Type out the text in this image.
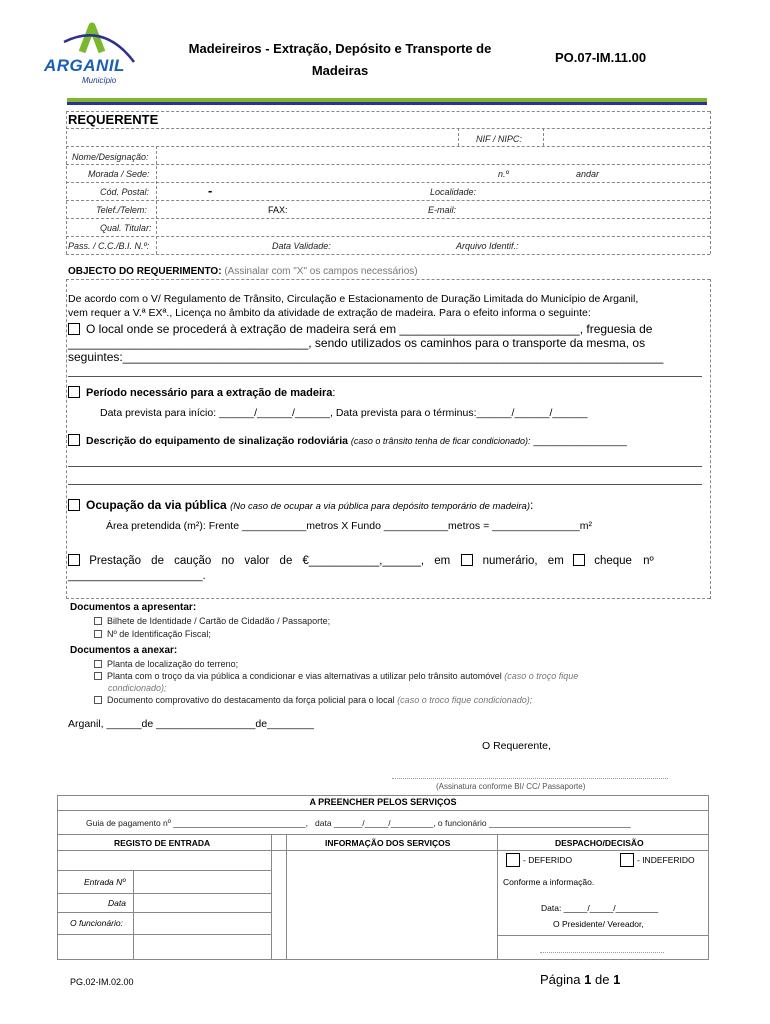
ARGANIL
Município
Madeireiros - Extração, Depósito e Transporte de
Madeiras
PO.07-IM.11.00
REQUERENTE
NIF / NIPC:
Nome/Designação:
Morada / Sede:	n.º	andar
Cód. Postal:	-	Localidade:
Telef./Telem:	FAX:	E-mail:
Qual. Titular:
Pass. / C.C./B.I. N.º:	Data Validade:	Arquivo Identif.:
OBJECTO DO REQUERIMENTO: (Assinalar com "X" os campos necessários)
De acordo com o V/ Regulamento de Trânsito, Circulação e Estacionamento de Duração Limitada do Município de Arganil,
vem requer a V.ª EXª., Licença no âmbito da atividade de extração de madeira. Para o efeito informa o seguinte:
O local onde se procederá à extração de madeira será em ___________________________, freguesia de
____________________________________, sendo utilizados os caminhos para o transporte da mesma, os
seguintes:_________________________________________________________________________________
Período necessário para a extração de madeira:
Data prevista para início: ______/______/______, Data prevista para o términus:______/______/______
Descrição do equipamento de sinalização rodoviária (caso o trânsito tenha de ficar condicionado): ________________
Ocupação da via pública (No caso de ocupar a via pública para depósito temporário de madeira):
Área pretendida (m²): Frente ___________metros X Fundo ___________metros = _______________m²
Prestação de caução no valor de €___________,______, em	numerário, em	cheque nº
______________________.
Documentos a apresentar:
Bilhete de Identidade / Cartão de Cidadão / Passaporte;
Nº de Identificação Fiscal;
Documentos a anexar:
Planta de localização do terreno;
Planta com o troço da via pública a condicionar e vias alternativas a utilizar pelo trânsito automóvel (caso o troço fique
condicionado);
Documento comprovativo do destacamento da força policial para o local (caso o troco fique condicionado);
Arganil, ______de _________________de________
O Requerente,
(Assinatura conforme BI/ CC/ Passaporte)
A PREENCHER PELOS SERVIÇOS
Guia de pagamento nº ____________________________,   data ______/_____/_________, o funcionário ______________________________
REGISTO DE ENTRADA	INFORMAÇÃO DOS SERVIÇOS	DESPACHO/DECISÃO
- DEFERIDO	- INDEFERIDO
Entrada Nº
Data
O funcionário:
Conforme a informação.
Data: _____/_____/_________
O Presidente/ Vereador,
PG.02-IM.02.00	Página 1 de 1
